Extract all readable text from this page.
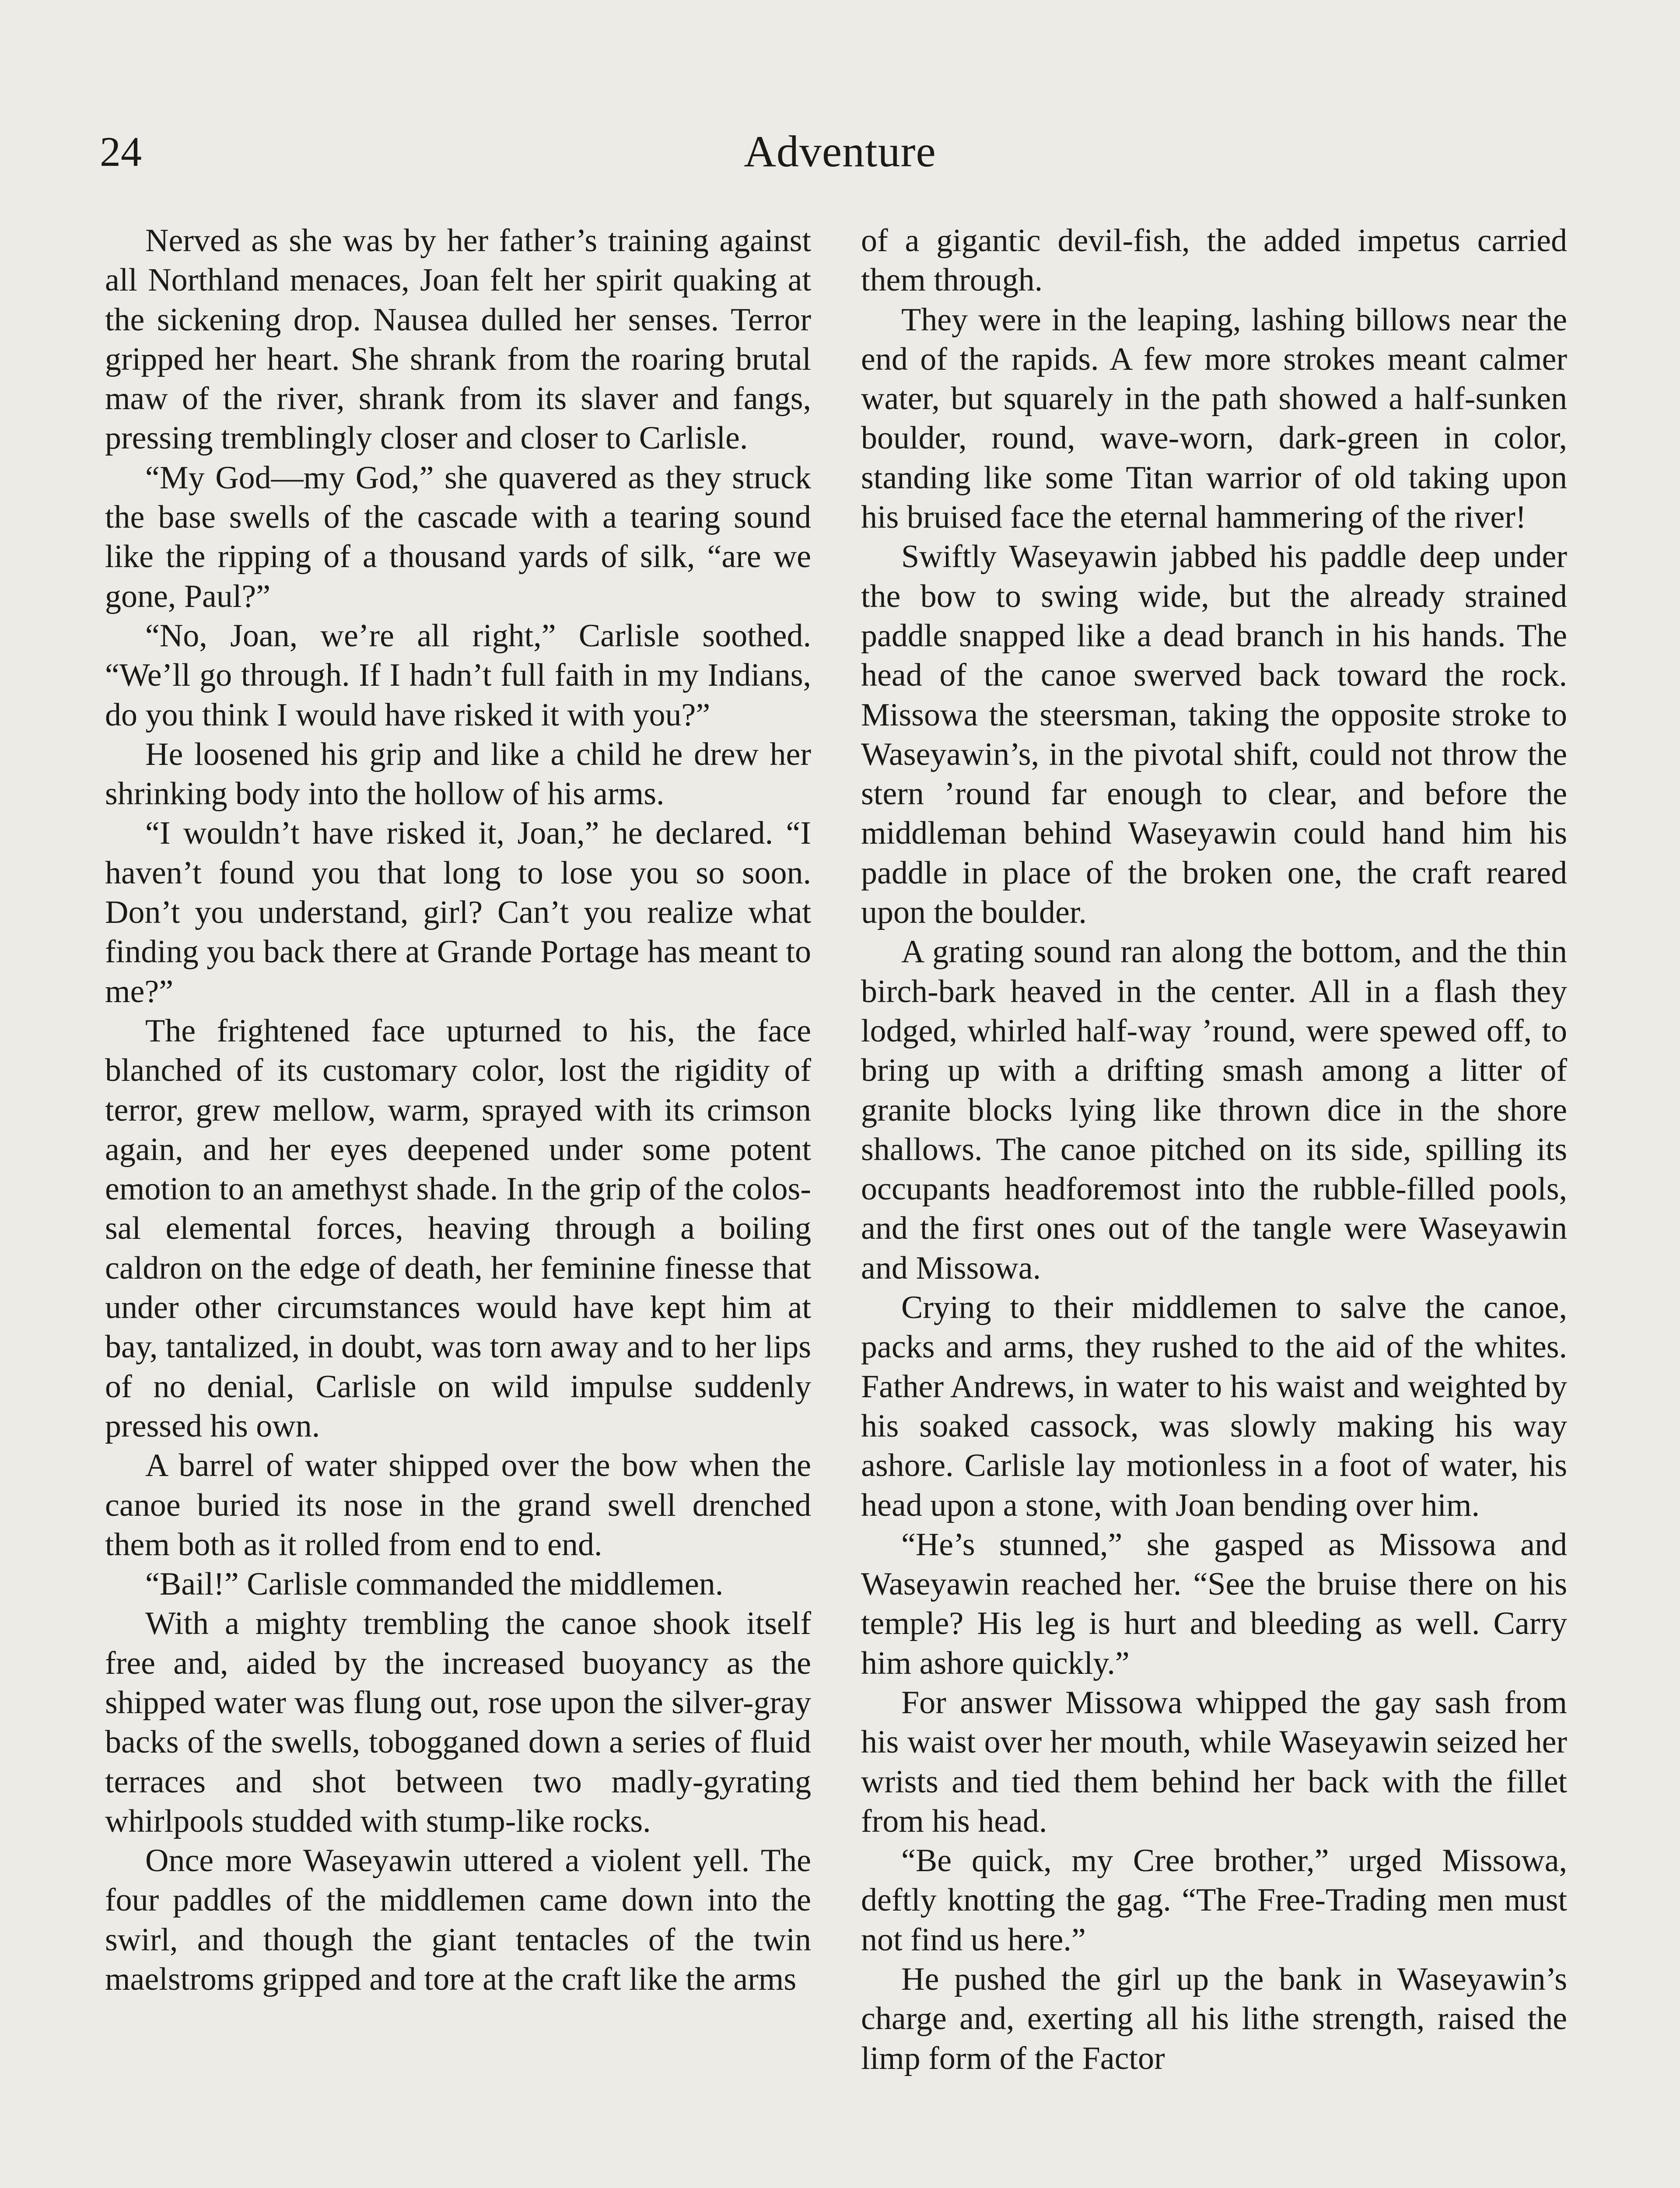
24	Adventure

Nerved as she was by her father’s training against all Northland menaces, Joan felt her spirit quaking at the sickening drop. Nausea dulled her senses. Terror gripped her heart. She shrank from the roaring brutal maw of the river, shrank from its slaver and fangs, pressing tremblingly closer and closer to Carlisle.

“My God—my God,” she quavered as they struck the base swells of the cascade with a tearing sound like the ripping of a thousand yards of silk, “are we gone, Paul?”

“No, Joan, we’re all right,” Carlisle soothed. “We’ll go through. If I hadn’t full faith in my Indians, do you think I would have risked it with you?”

He loosened his grip and like a child he drew her shrinking body into the hollow of his arms.

“I wouldn’t have risked it, Joan,” he declared. “I haven’t found you that long to lose you so soon. Don’t you understand, girl? Can’t you realize what finding you back there at Grande Portage has meant to me?”

The frightened face upturned to his, the face blanched of its customary color, lost the rigidity of terror, grew mellow, warm, sprayed with its crimson again, and her eyes deepened under some potent emotion to an amethyst shade. In the grip of the colossal elemental forces, heaving through a boiling caldron on the edge of death, her feminine finesse that under other circumstances would have kept him at bay, tantalized, in doubt, was torn away and to her lips of no denial, Carlisle on wild impulse suddenly pressed his own.

A barrel of water shipped over the bow when the canoe buried its nose in the grand swell drenched them both as it rolled from end to end.

“Bail!” Carlisle commanded the middlemen.

With a mighty trembling the canoe shook itself free and, aided by the increased buoyancy as the shipped water was flung out, rose upon the silver-gray backs of the swells, tobogganed down a series of fluid terraces and shot between two madly-gyrating whirlpools studded with stump-like rocks.

Once more Waseyawin uttered a violent yell. The four paddles of the middlemen came down into the swirl, and though the giant tentacles of the twin maelstroms gripped and tore at the craft like the arms

of a gigantic devil-fish, the added impetus carried them through.

They were in the leaping, lashing billows near the end of the rapids. A few more strokes meant calmer water, but squarely in the path showed a half-sunken boulder, round, wave-worn, dark-green in color, standing like some Titan warrior of old taking upon his bruised face the eternal hammering of the river!

Swiftly Waseyawin jabbed his paddle deep under the bow to swing wide, but the already strained paddle snapped like a dead branch in his hands. The head of the canoe swerved back toward the rock. Missowa the steersman, taking the opposite stroke to Waseyawin’s, in the pivotal shift, could not throw the stern ’round far enough to clear, and before the middleman behind Waseyawin could hand him his paddle in place of the broken one, the craft reared upon the boulder.

A grating sound ran along the bottom, and the thin birch-bark heaved in the center. All in a flash they lodged, whirled half-way ’round, were spewed off, to bring up with a drifting smash among a litter of granite blocks lying like thrown dice in the shore shallows. The canoe pitched on its side, spilling its occupants headforemost into the rubble-filled pools, and the first ones out of the tangle were Waseyawin and Missowa.

Crying to their middlemen to salve the canoe, packs and arms, they rushed to the aid of the whites. Father Andrews, in water to his waist and weighted by his soaked cassock, was slowly making his way ashore. Carlisle lay motionless in a foot of water, his head upon a stone, with Joan bending over him.

“He’s stunned,” she gasped as Missowa and Waseyawin reached her. “See the bruise there on his temple? His leg is hurt and bleeding as well. Carry him ashore quickly.”

For answer Missowa whipped the gay sash from his waist over her mouth, while Waseyawin seized her wrists and tied them behind her back with the fillet from his head.

“Be quick, my Cree brother,” urged Missowa, deftly knotting the gag. “The Free-Trading men must not find us here.”

He pushed the girl up the bank in Waseyawin’s charge and, exerting all his lithe strength, raised the limp form of the Factor
